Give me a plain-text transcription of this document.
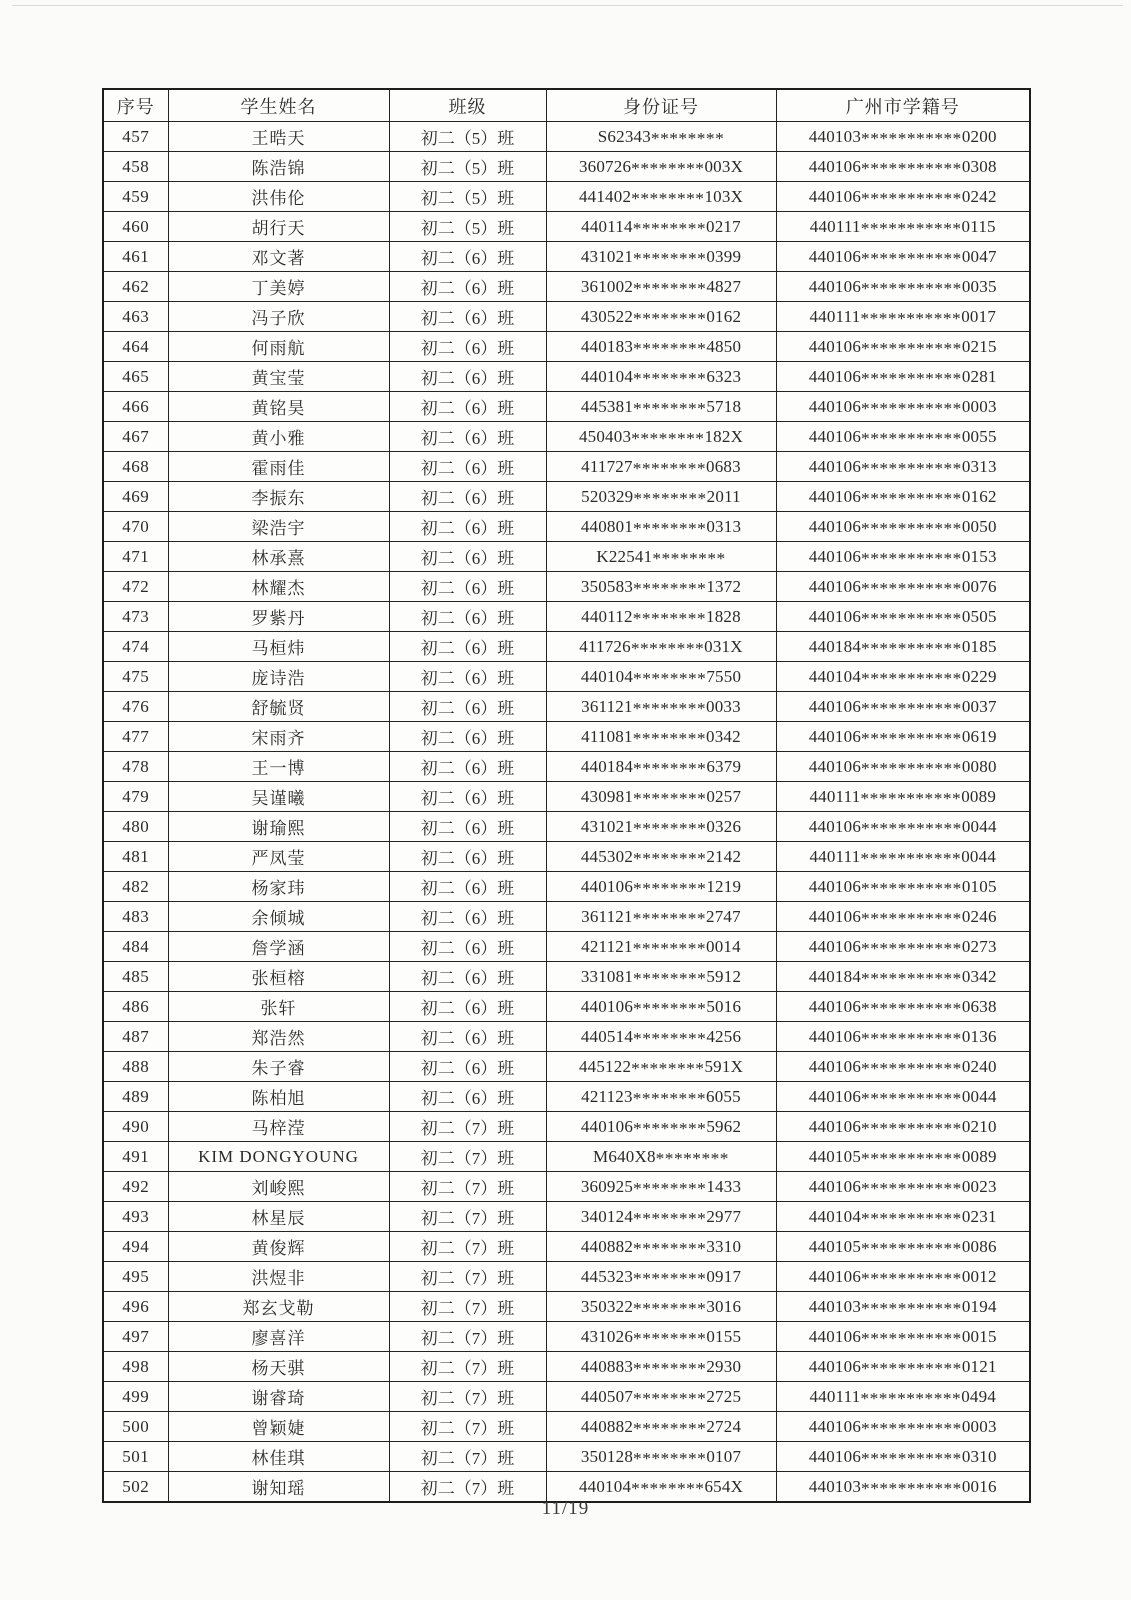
序号	学生姓名	班级	身份证号	广州市学籍号
457	王晧天	初二（5）班	S62343********	440103***********0200
458	陈浩锦	初二（5）班	360726********003X	440106***********0308
459	洪伟伦	初二（5）班	441402********103X	440106***********0242
460	胡行天	初二（5）班	440114********0217	440111***********0115
461	邓文著	初二（6）班	431021********0399	440106***********0047
462	丁美婷	初二（6）班	361002********4827	440106***********0035
463	冯子欣	初二（6）班	430522********0162	440111***********0017
464	何雨航	初二（6）班	440183********4850	440106***********0215
465	黄宝莹	初二（6）班	440104********6323	440106***********0281
466	黄铭昊	初二（6）班	445381********5718	440106***********0003
467	黄小雅	初二（6）班	450403********182X	440106***********0055
468	霍雨佳	初二（6）班	411727********0683	440106***********0313
469	李振东	初二（6）班	520329********2011	440106***********0162
470	梁浩宇	初二（6）班	440801********0313	440106***********0050
471	林承熹	初二（6）班	K22541********	440106***********0153
472	林耀杰	初二（6）班	350583********1372	440106***********0076
473	罗紫丹	初二（6）班	440112********1828	440106***********0505
474	马桓炜	初二（6）班	411726********031X	440184***********0185
475	庞诗浩	初二（6）班	440104********7550	440104***********0229
476	舒毓贤	初二（6）班	361121********0033	440106***********0037
477	宋雨齐	初二（6）班	411081********0342	440106***********0619
478	王一博	初二（6）班	440184********6379	440106***********0080
479	吴谨曦	初二（6）班	430981********0257	440111***********0089
480	谢瑜熙	初二（6）班	431021********0326	440106***********0044
481	严凤莹	初二（6）班	445302********2142	440111***********0044
482	杨家玮	初二（6）班	440106********1219	440106***********0105
483	余倾城	初二（6）班	361121********2747	440106***********0246
484	詹学涵	初二（6）班	421121********0014	440106***********0273
485	张桓榕	初二（6）班	331081********5912	440184***********0342
486	张轩	初二（6）班	440106********5016	440106***********0638
487	郑浩然	初二（6）班	440514********4256	440106***********0136
488	朱子睿	初二（6）班	445122********591X	440106***********0240
489	陈柏旭	初二（6）班	421123********6055	440106***********0044
490	马梓滢	初二（7）班	440106********5962	440106***********0210
491	KIM DONGYOUNG	初二（7）班	M640X8********	440105***********0089
492	刘峻熙	初二（7）班	360925********1433	440106***********0023
493	林星辰	初二（7）班	340124********2977	440104***********0231
494	黄俊辉	初二（7）班	440882********3310	440105***********0086
495	洪煜非	初二（7）班	445323********0917	440106***********0012
496	郑玄戈勒	初二（7）班	350322********3016	440103***********0194
497	廖喜洋	初二（7）班	431026********0155	440106***********0015
498	杨天骐	初二（7）班	440883********2930	440106***********0121
499	谢睿琦	初二（7）班	440507********2725	440111***********0494
500	曾颖婕	初二（7）班	440882********2724	440106***********0003
501	林佳琪	初二（7）班	350128********0107	440106***********0310
502	谢知瑶	初二（7）班	440104********654X	440103***********0016
11/19
